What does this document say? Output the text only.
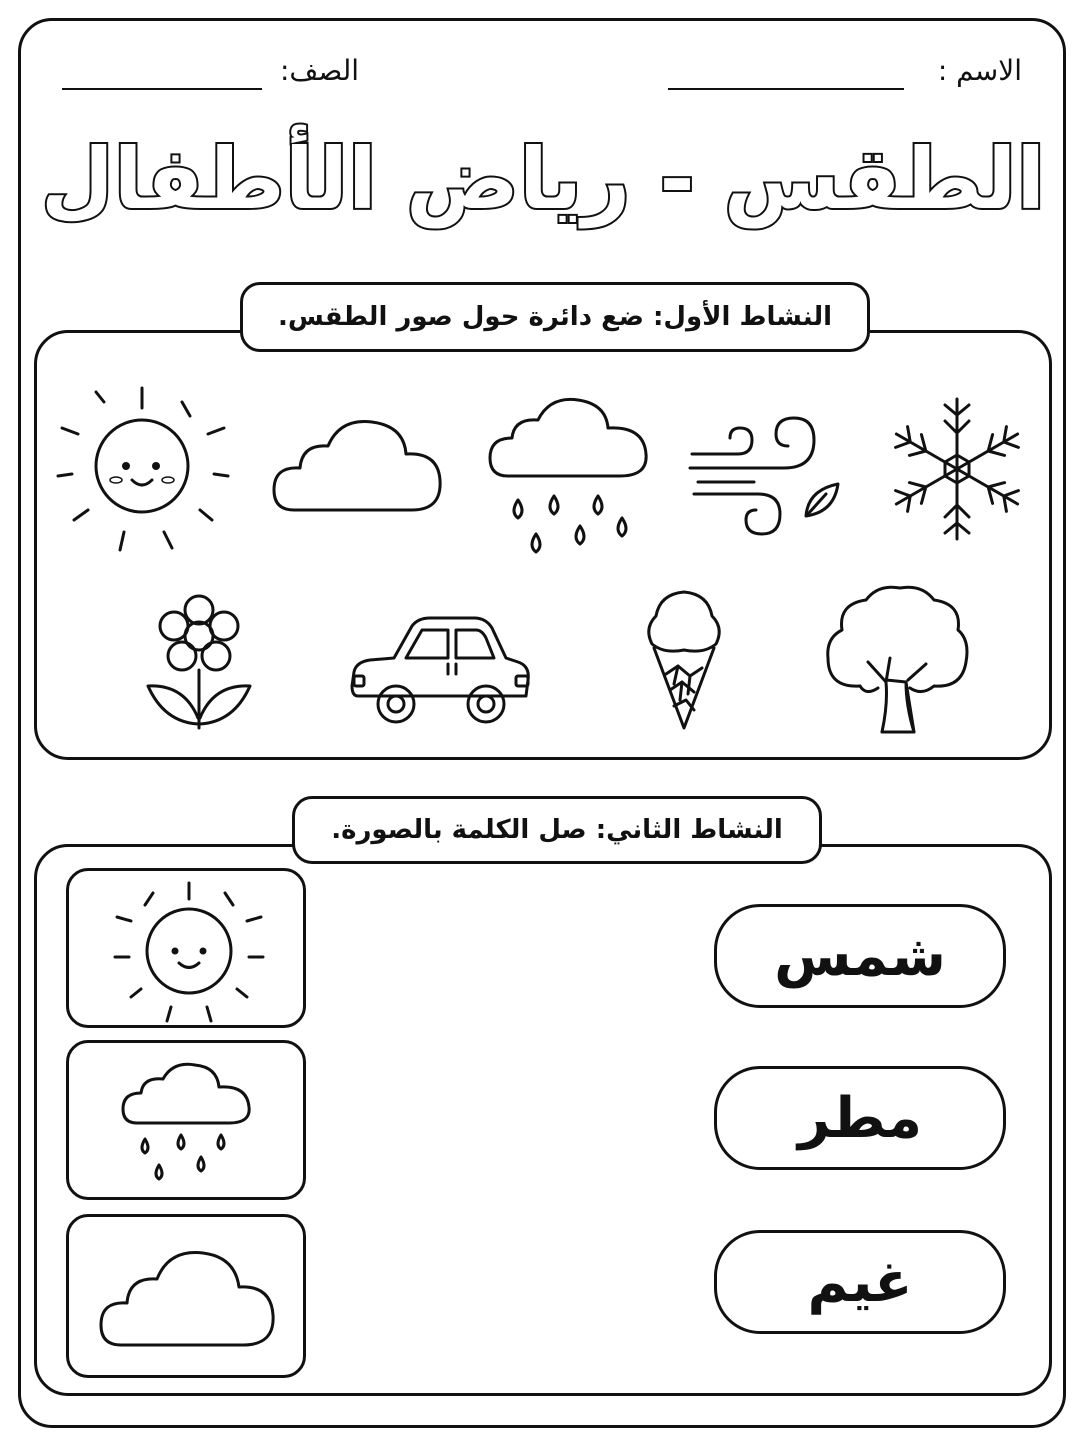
الاسم :
الصف:
الطقس - رياض الأطفال
النشاط الأول: ضع دائرة حول صور الطقس.
النشاط الثاني: صل الكلمة بالصورة.
شمس
مطر
غيم
